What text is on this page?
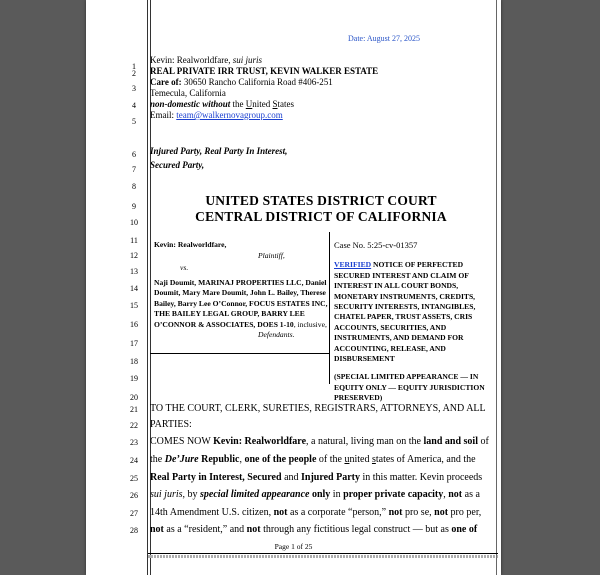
Date: August 27, 2025
1
2
3
4
5
6
7
8
9
10
11
12
13
14
15
16
17
18
19
20
21
22
23
24
25
26
27
28
Kevin: Realworldfare, sui juris
REAL PRIVATE IRR TRUST, KEVIN WALKER ESTATE
Care of: 30650 Rancho California Road #406-251
Temecula, California
non-domestic without the United States
Email: team@walkernovagroup.com
Injured Party, Real Party In Interest,
Secured Party,
UNITED STATES DISTRICT COURT
CENTRAL DISTRICT OF CALIFORNIA
Kevin: Realworldfare,
Plaintiff,
vs.
Naji Doumit, MARINAJ PROPERTIES LLC, Daniel Doumit, Mary Mare Doumit, John L. Bailey, Therese Bailey, Barry Lee O’Connor, FOCUS ESTATES INC, THE BAILEY LEGAL GROUP, BARRY LEE O’CONNOR & ASSOCIATES, DOES 1-10, inclusive,
Defendants.
Case No. 5:25-cv-01357
VERIFIED NOTICE OF PERFECTED SECURED INTEREST AND CLAIM OF INTEREST IN ALL COURT BONDS, MONETARY INSTRUMENTS, CREDITS, SECURITY INTERESTS, INTANGIBLES, CHATEL PAPER, TRUST ASSETS, CRIS ACCOUNTS, SECURITIES, AND INSTRUMENTS, AND DEMAND FOR ACCOUNTING, RELEASE, AND DISBURSEMENT
(SPECIAL LIMITED APPEARANCE — IN EQUITY ONLY — EQUITY JURISDICTION PRESERVED)
TO THE COURT, CLERK, SURETIES, REGISTRARS, ATTORNEYS, AND ALL
PARTIES:
COMES NOW Kevin: Realworldfare, a natural, living man on the land and soil of
the De’Jure Republic, one of the people of the united states of America, and the
Real Party in Interest, Secured and Injured Party in this matter. Kevin proceeds
sui juris, by special limited appearance only in proper private capacity, not as a
14th Amendment U.S. citizen, not as a corporate “person,” not pro se, not pro per,
not as a “resident,” and not through any fictitious legal construct — but as one of
Page 1 of 25
